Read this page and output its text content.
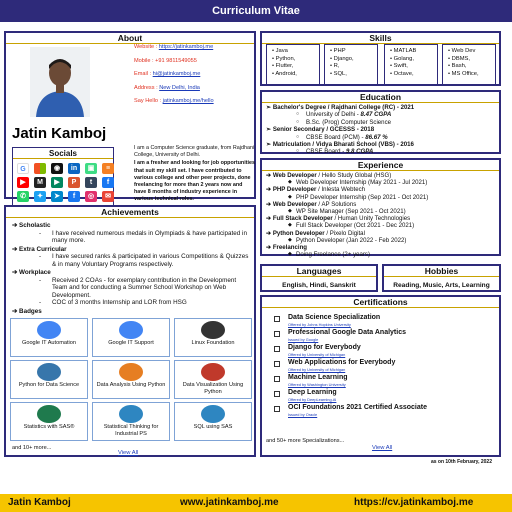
Curriculum Vitae
About
Jatin Kamboj
Socials
G	◉	in	▣	≡
▶	M	▶	P	t	f
✆	✦	➤	f	◎	✉
Website : https://jatinkamboj.me
Mobile : +91 9811549055
Email : hi@jatinkamboj.me
Address : New Delhi, India
Say Hello : jatinkamboj.me/hello
I am a Computer Science graduate, from Rajdhani College, University of Delhi.
I am a fresher and looking for job opportunities that suit my skill set. I have contributed to various college and other peer projects, done freelancing for more than 2 years now and have 8 months of industry experience in various technical roles.
Achievements
➔ Scholastic
- I have received numerous medals in Olympiads & have participated in many more.
➔ Extra Curricular
- I have secured ranks & participated in various Competitions & Quizzes & in many Voluntary Programs respectively.
➔ Workplace
- Received 2 COAs - for exemplary contribution in the Development Team and for conducting a Summer School Workshop on Web Development.
- COC of 3 months Internship and LOR from HSG
➔ Badges
Google IT Automation	Google IT Support	Linux Foundation
Python for Data Science	Data Analysis Using Python	Data Visualization Using Python
Statistics with SAS®	Statistical Thinking for Industrial PS
SQL using SAS
and 10+ more...
View All
Skills
• Java
• Python,
• Flutter,
• Android,
• PHP
• Django,
• R,
• SQL,
• MATLAB
• Golang,
• Swift,
• Octave,
• Web Dev
• DBMS,
• Bash,
• MS Office,
Education
➣ Bachelor's Degree / Rajdhani College (RC) - 2021
○ University of Delhi - 8.47 CGPA
○ B.Sc. (Prog) Computer Science
➣ Senior Secondary / GCESSS - 2018
○ CBSE Board (PCM) - 86.67 %
➣ Matriculation / Vidya Bharati School (VBS) - 2016
○ CBSE Board - 9.8 CGPA
Experience
➔ Web Developer / Hello Study Global (HSG)
◆ Web Developer Internship (May 2021 - Jul 2021)
➔ PHP Developer / Inlesta Webtech
◆ PHP Developer Internship (Sep 2021 - Oct 2021)
➔ Web Developer / AP Solutions
◆ WP Site Manager (Sep 2021 - Oct 2021)
➔ Full Stack Developer / Human Unity Technologies
◆ Full Stack Developer (Oct 2021 - Dec 2021)
➔ Python Developer / Pixelo Digital
◆ Python Developer (Jan 2022 - Feb 2022)
➔ Freelancing
◆ Doing Freelance (2+ years)
Languages
English, Hindi, Sanskrit
Hobbies
Reading, Music, Arts, Learning
Certifications
Data Science Specialization
Offered by Johns Hopkins University
Professional Google Data Analytics
Issued by Google
Django for Everybody
Offered by University of Michigan
Web Applications for Everybody
Offered by University of Michigan
Machine Learning
Offered by Washington University
Deep Learning
Offered by DeepLearning.AI
OCI Foundations 2021 Certified Associate
Issued by Oracle
and 50+ more Specializations...
View All
as on 10th February, 2022
Jatin Kamboj	www.jatinkamboj.me	https://cv.jatinkamboj.me
